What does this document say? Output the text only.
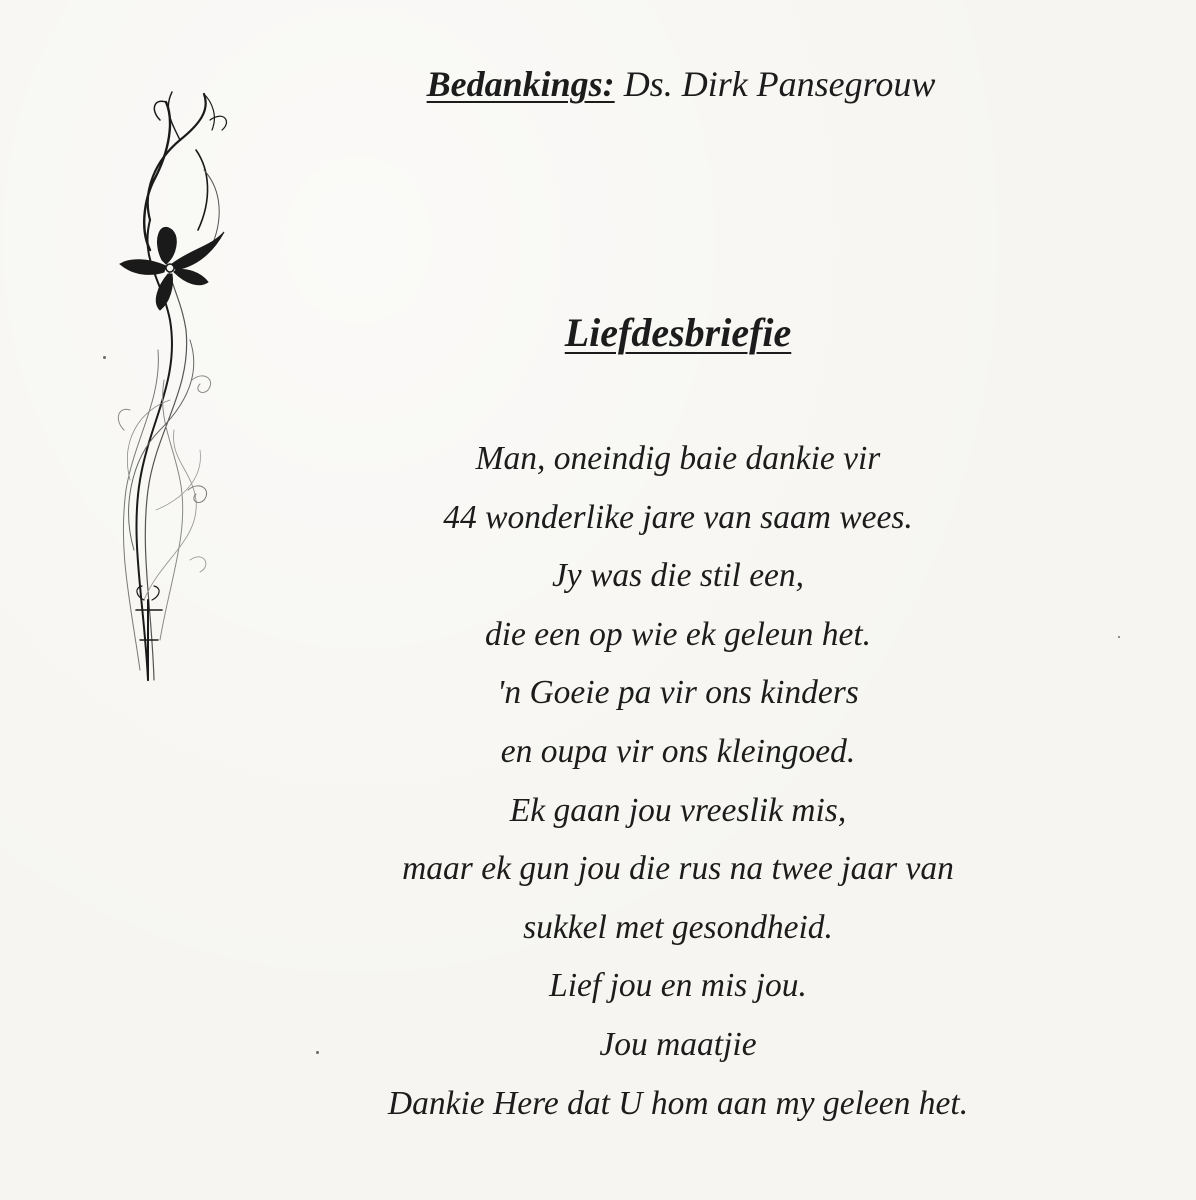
Bedankings: Ds. Dirk Pansegrouw
Liefdesbriefie
Man, oneindig baie dankie vir
44 wonderlike jare van saam wees.
Jy was die stil een,
die een op wie ek geleun het.
'n Goeie pa vir ons kinders
en oupa vir ons kleingoed.
Ek gaan jou vreeslik mis,
maar ek gun jou die rus na twee jaar van
sukkel met gesondheid.
Lief jou en mis jou.
Jou maatjie
Dankie Here dat U hom aan my geleen het.
